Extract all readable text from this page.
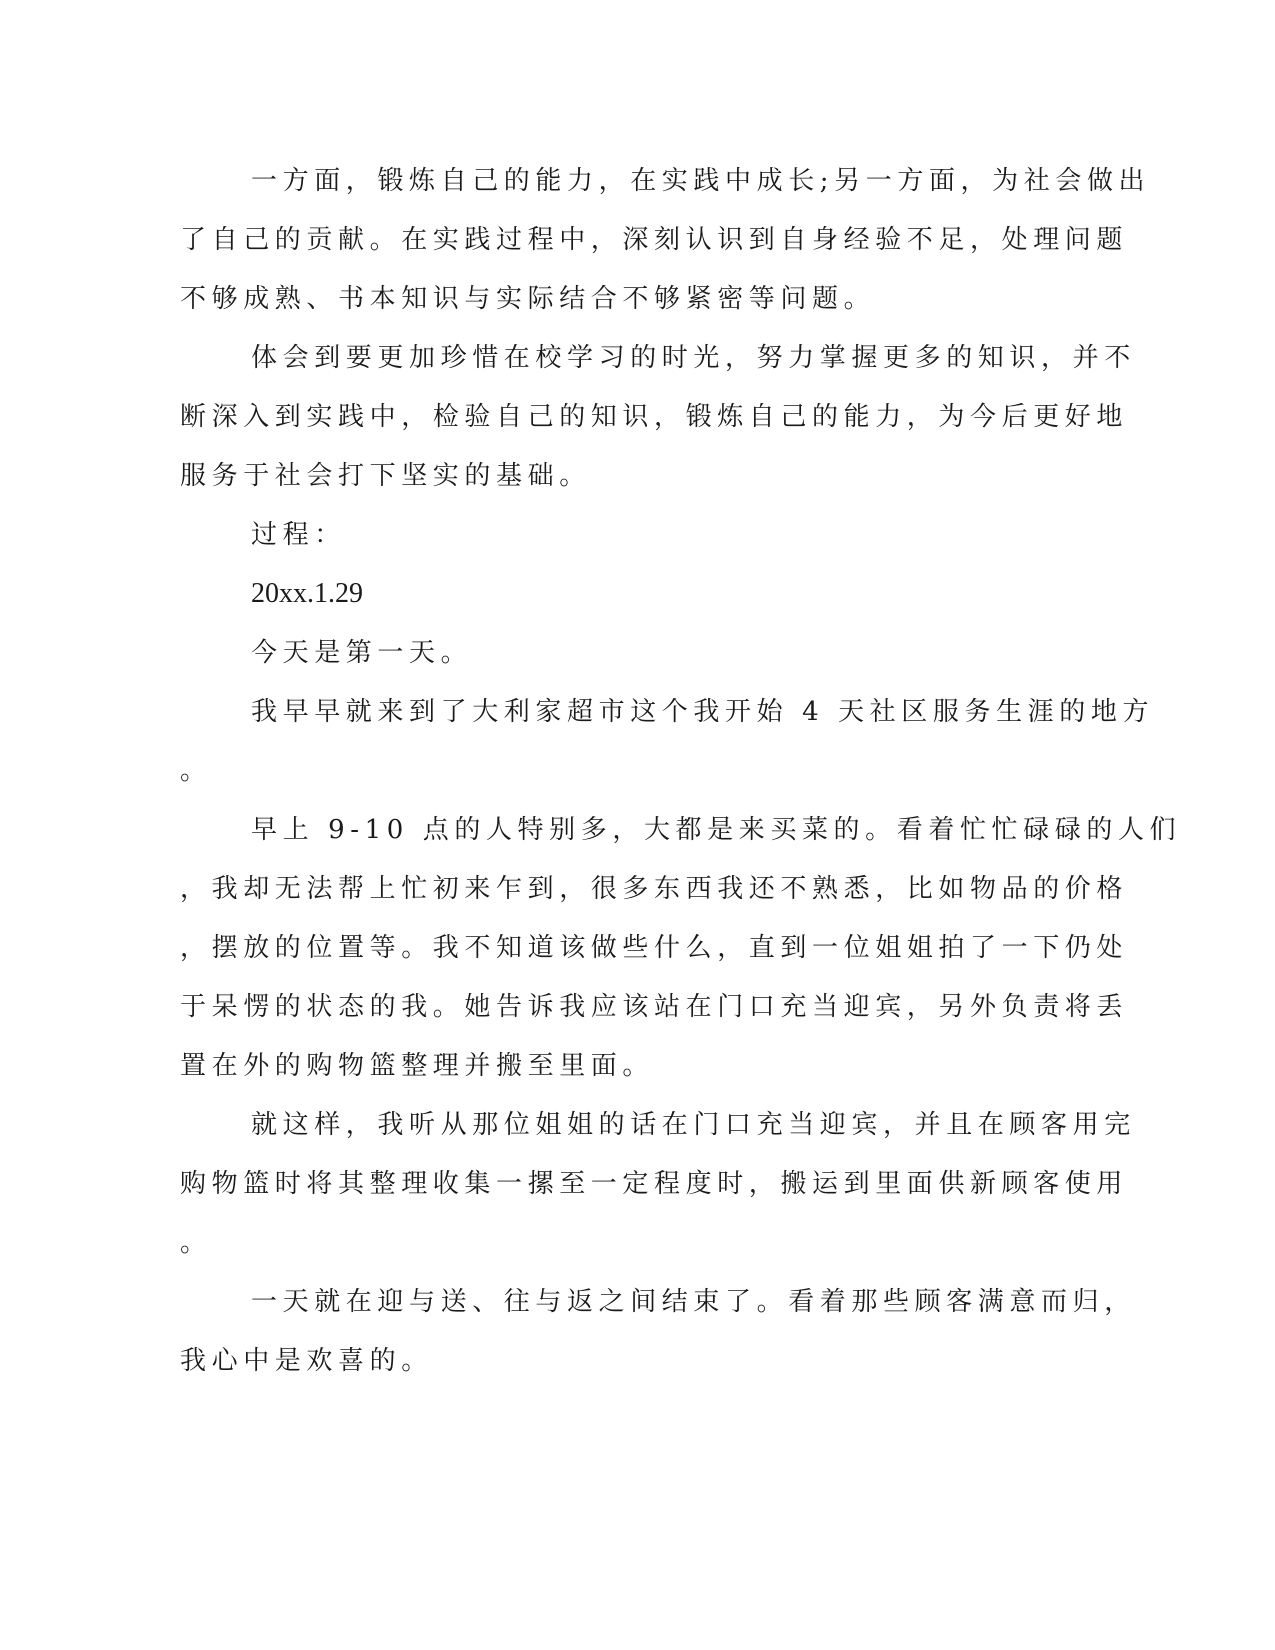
一方面，锻炼自己的能力，在实践中成长;另一方面，为社会做出
了自己的贡献。在实践过程中，深刻认识到自身经验不足，处理问题
不够成熟、书本知识与实际结合不够紧密等问题。
体会到要更加珍惜在校学习的时光，努力掌握更多的知识，并不
断深入到实践中，检验自己的知识，锻炼自己的能力，为今后更好地
服务于社会打下坚实的基础。
过程：
20xx.1.29
今天是第一天。
我早早就来到了大利家超市这个我开始 4 天社区服务生涯的地方
。
早上 9-10 点的人特别多，大都是来买菜的。看着忙忙碌碌的人们
，我却无法帮上忙初来乍到，很多东西我还不熟悉，比如物品的价格
，摆放的位置等。我不知道该做些什么，直到一位姐姐拍了一下仍处
于呆愣的状态的我。她告诉我应该站在门口充当迎宾，另外负责将丢
置在外的购物篮整理并搬至里面。
就这样，我听从那位姐姐的话在门口充当迎宾，并且在顾客用完
购物篮时将其整理收集一摞至一定程度时，搬运到里面供新顾客使用
。
一天就在迎与送、往与返之间结束了。看着那些顾客满意而归，
我心中是欢喜的。
